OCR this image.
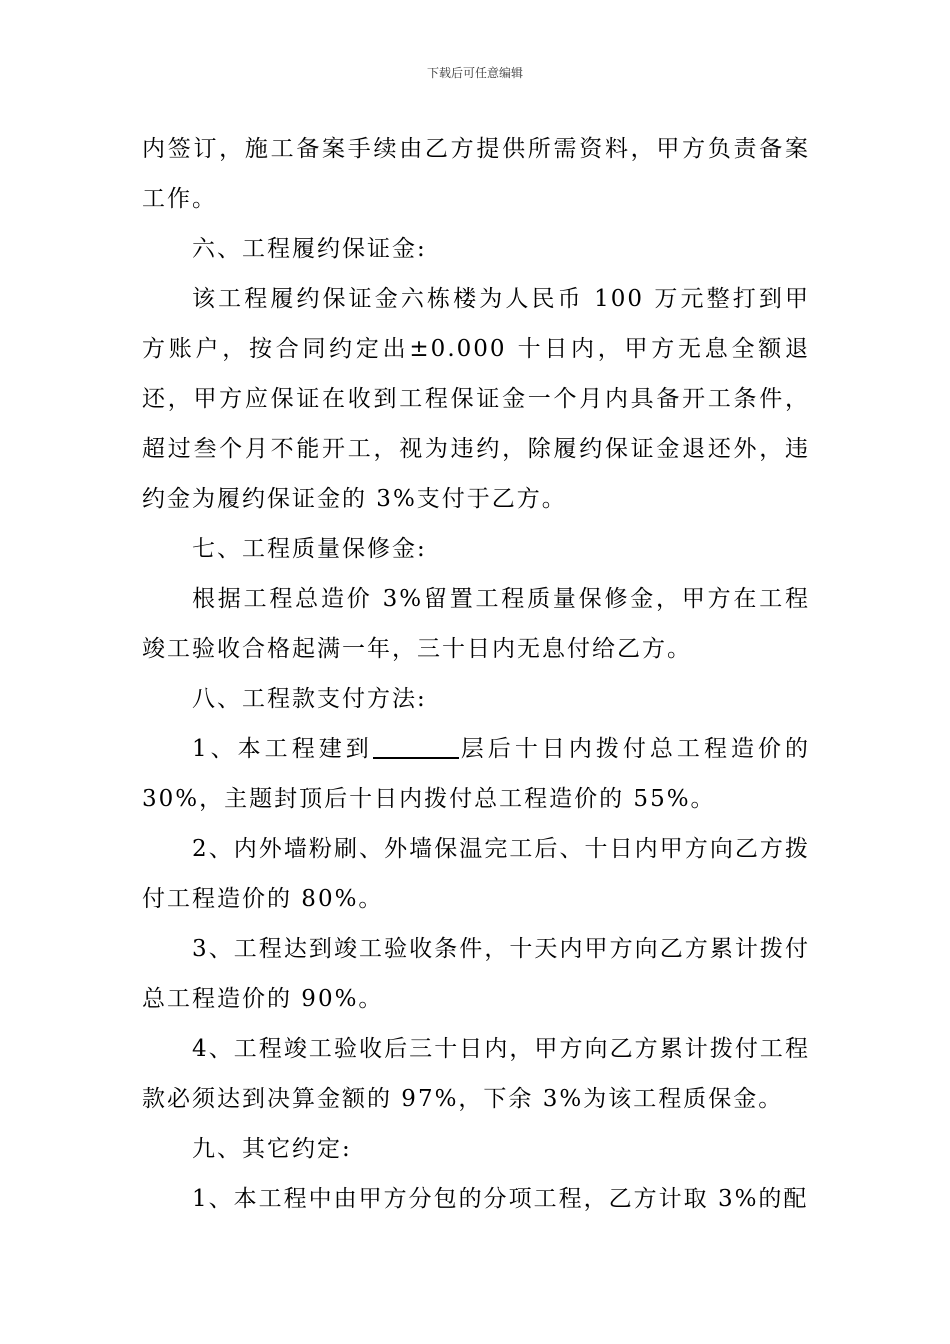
下载后可任意编辑

内签订，施工备案手续由乙方提供所需资料，甲方负责备案工作。

六、工程履约保证金:

该工程履约保证金六栋楼为人民币 100 万元整打到甲方账户，按合同约定出±0.000 十日内，甲方无息全额退还，甲方应保证在收到工程保证金一个月内具备开工条件，超过叁个月不能开工，视为违约，除履约保证金退还外，违约金为履约保证金的 3%支付于乙方。

七、工程质量保修金:

根据工程总造价 3%留置工程质量保修金，甲方在工程竣工验收合格起满一年，三十日内无息付给乙方。

八、工程款支付方法:

1、本工程建到	层后十日内拨付总工程造价的 30%，主题封顶后十日内拨付总工程造价的 55%。

2、内外墙粉刷、外墙保温完工后、十日内甲方向乙方拨付工程造价的 80%。

3、工程达到竣工验收条件，十天内甲方向乙方累计拨付总工程造价的 90%。

4、工程竣工验收后三十日内，甲方向乙方累计拨付工程款必须达到决算金额的 97%，下余 3%为该工程质保金。

九、其它约定:

1、本工程中由甲方分包的分项工程，乙方计取 3%的配
